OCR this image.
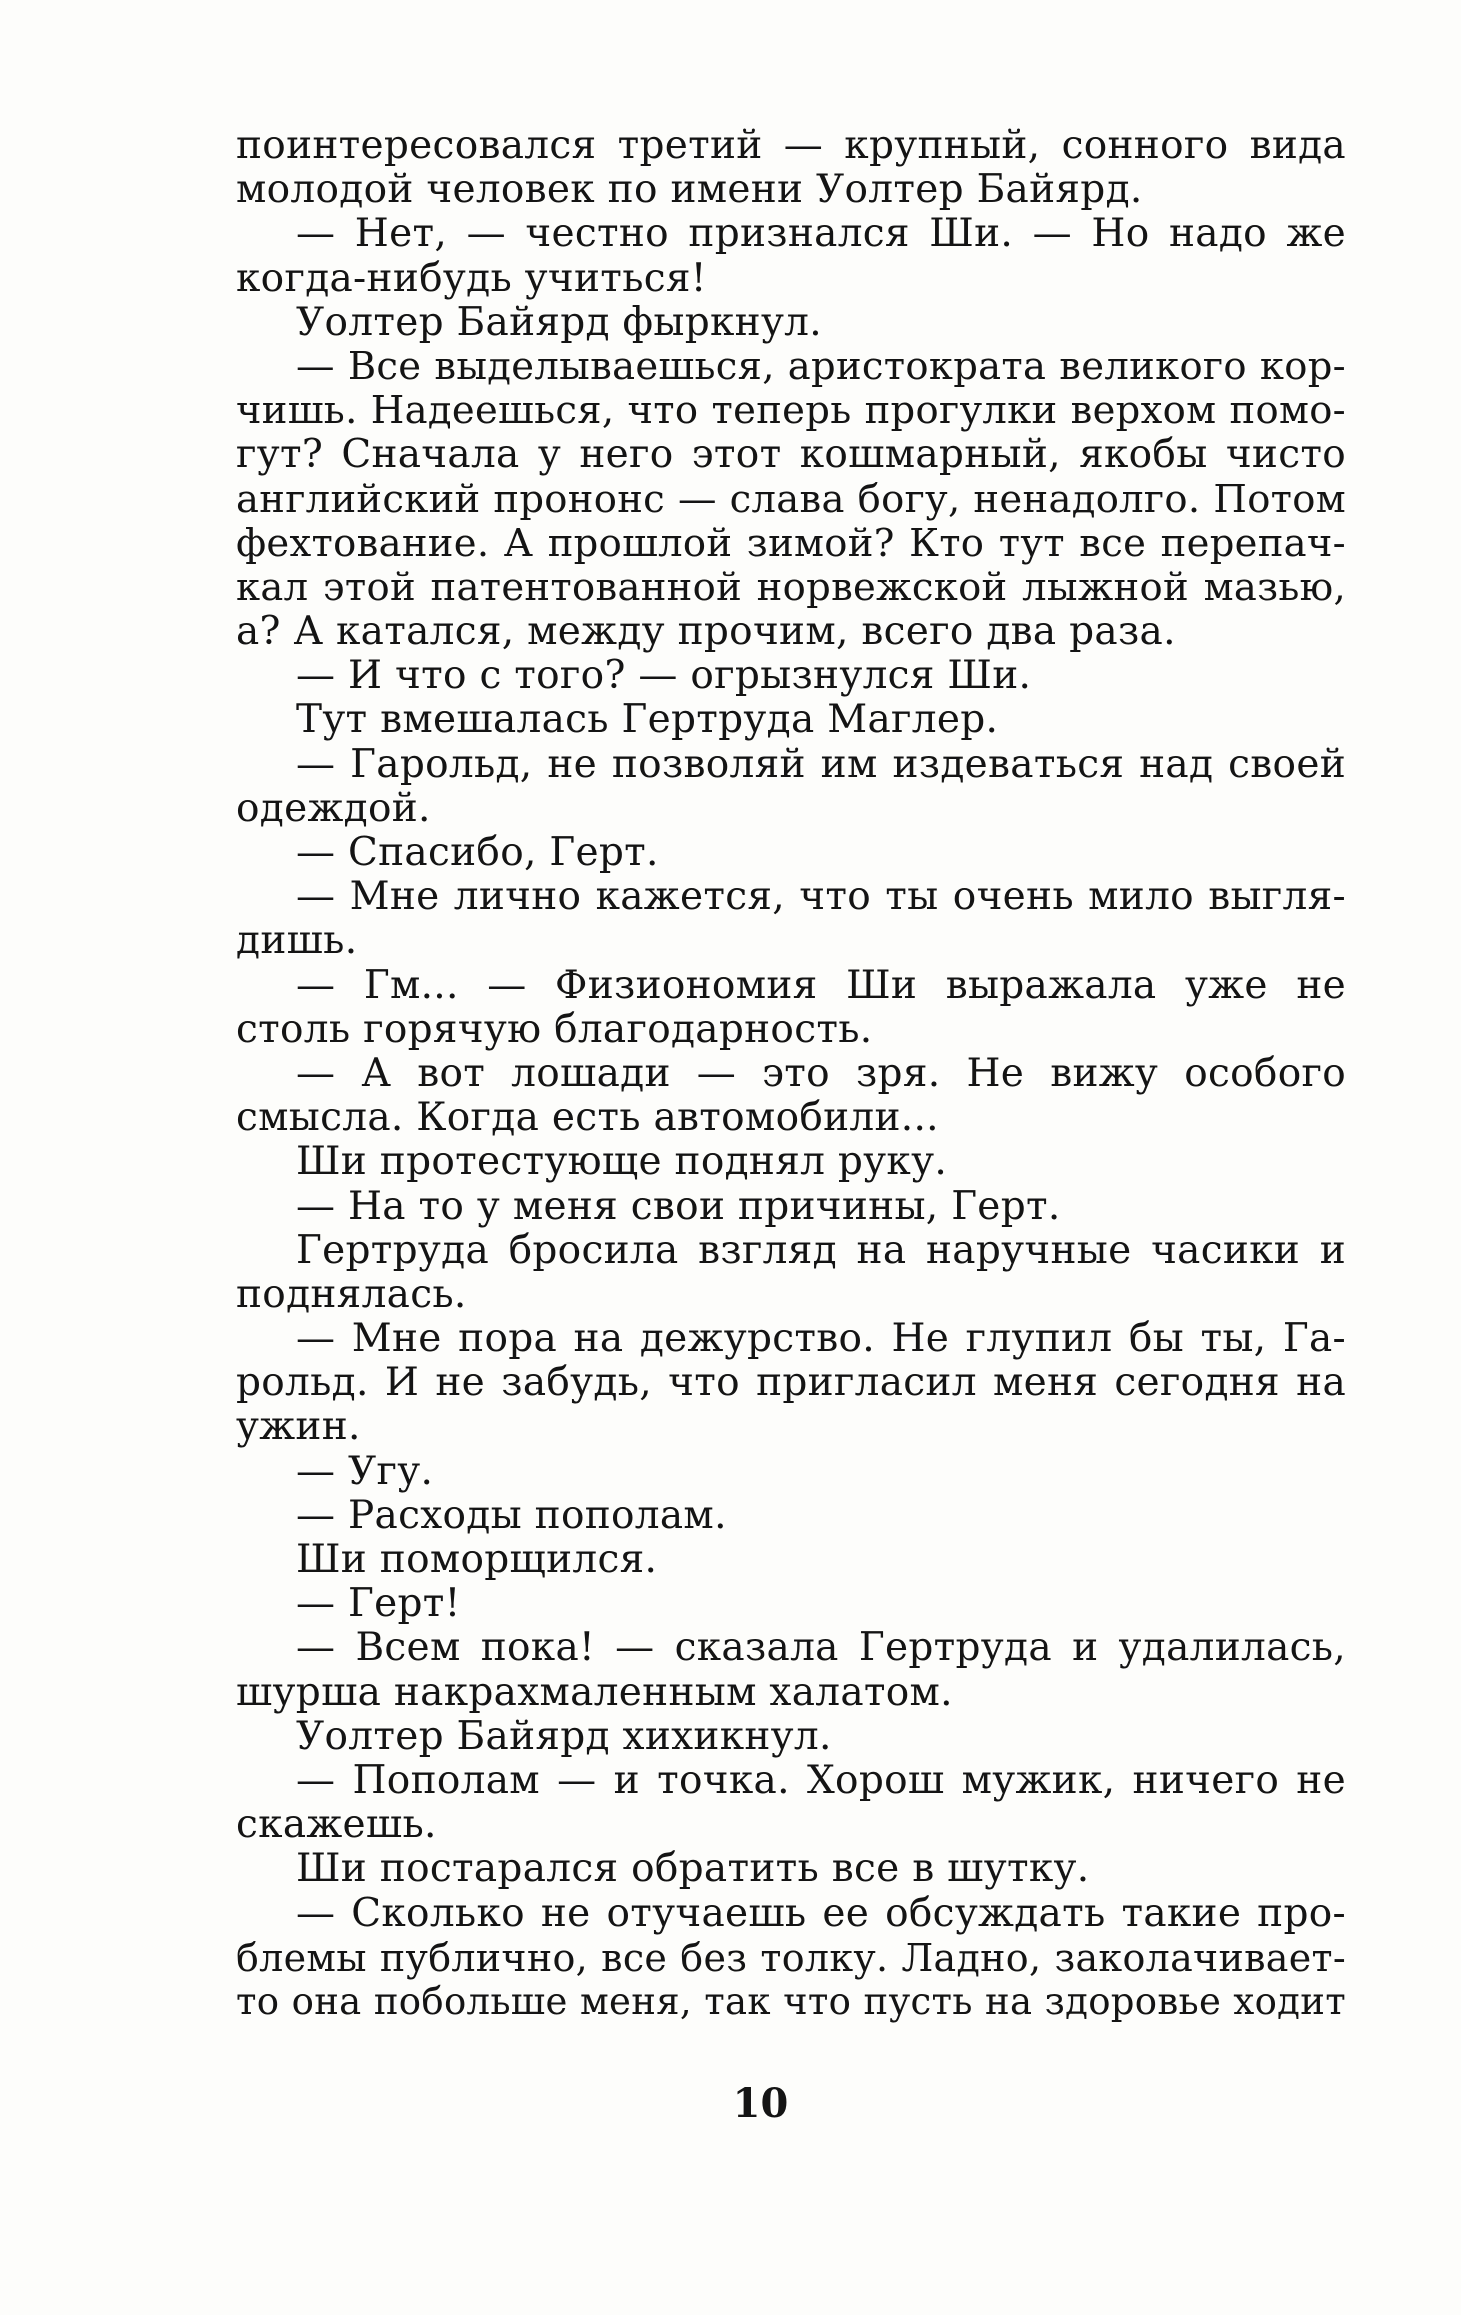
поинтересовался третий — крупный, сонного вида
молодой человек по имени Уолтер Байярд.
— Нет, — честно признался Ши. — Но надо же
когда-нибудь учиться!
Уолтер Байярд фыркнул.
— Все выделываешься, аристократа великого кор-
чишь. Надеешься, что теперь прогулки верхом помо-
гут? Сначала у него этот кошмарный, якобы чисто
английский прононс — слава богу, ненадолго. Потом
фехтование. А прошлой зимой? Кто тут все перепач-
кал этой патентованной норвежской лыжной мазью,
а? А катался, между прочим, всего два раза.
— И что с того? — огрызнулся Ши.
Тут вмешалась Гертруда Маглер.
— Гарольд, не позволяй им издеваться над своей
одеждой.
— Спасибо, Герт.
— Мне лично кажется, что ты очень мило выгля-
дишь.
— Гм... — Физиономия Ши выражала уже не
столь горячую благодарность.
— А вот лошади — это зря. Не вижу особого
смысла. Когда есть автомобили...
Ши протестующе поднял руку.
— На то у меня свои причины, Герт.
Гертруда бросила взгляд на наручные часики и
поднялась.
— Мне пора на дежурство. Не глупил бы ты, Га-
рольд. И не забудь, что пригласил меня сегодня на
ужин.
— Угу.
— Расходы пополам.
Ши поморщился.
— Герт!
— Всем пока! — сказала Гертруда и удалилась,
шурша накрахмаленным халатом.
Уолтер Байярд хихикнул.
— Пополам — и точка. Хорош мужик, ничего не
скажешь.
Ши постарался обратить все в шутку.
— Сколько не отучаешь ее обсуждать такие про-
блемы публично, все без толку. Ладно, заколачивает-
то она побольше меня, так что пусть на здоровье ходит
10
